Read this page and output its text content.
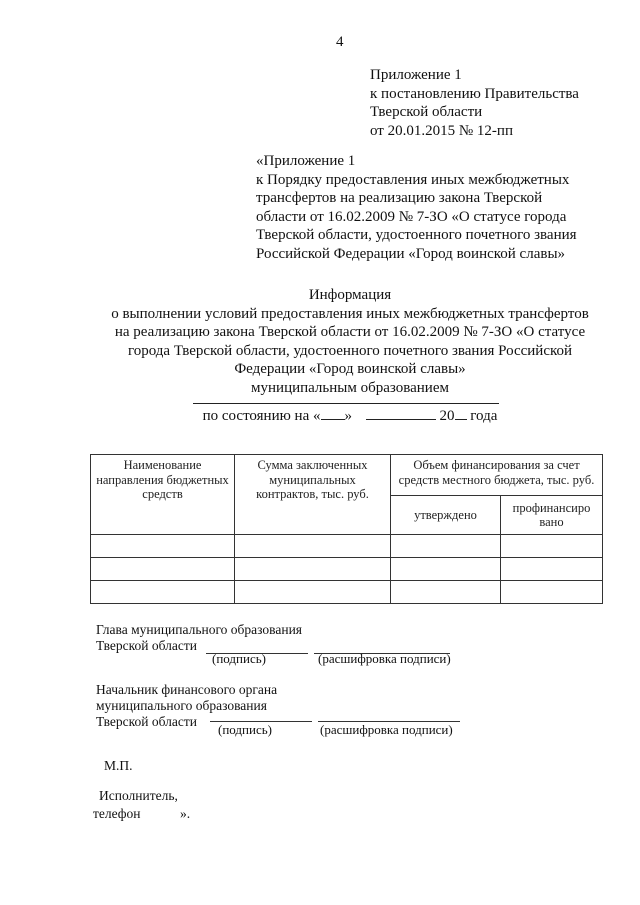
4
Приложение 1
к постановлению Правительства
Тверской области
от 20.01.2015 № 12-пп
«Приложение 1
к Порядку предоставления иных межбюджетных
трансфертов на реализацию закона Тверской
области от 16.02.2009 № 7-ЗО «О статусе города
Тверской области, удостоенного почетного звания
Российской Федерации «Город воинской славы»
Информация
о выполнении условий предоставления иных межбюджетных трансфертов
на реализацию закона Тверской области от 16.02.2009 № 7-ЗО «О статусе
города Тверской области, удостоенного почетного звания Российской
Федерации «Город воинской славы»
муниципальным образованием
по состоянию на « »	20 года
Наименование направления бюджетных средств	Сумма заключенных муниципальных контрактов, тыс. руб.	Объем финансирования за счет средств местного бюджета, тыс. руб.	
		утверждено	профинансиро вано

Глава муниципального образования
Тверской области
(подпись)	(расшифровка подписи)
Начальник финансового органа
муниципального образования
Тверской области
(подпись)	(расшифровка подписи)
М.П.
Исполнитель,
телефон	».
